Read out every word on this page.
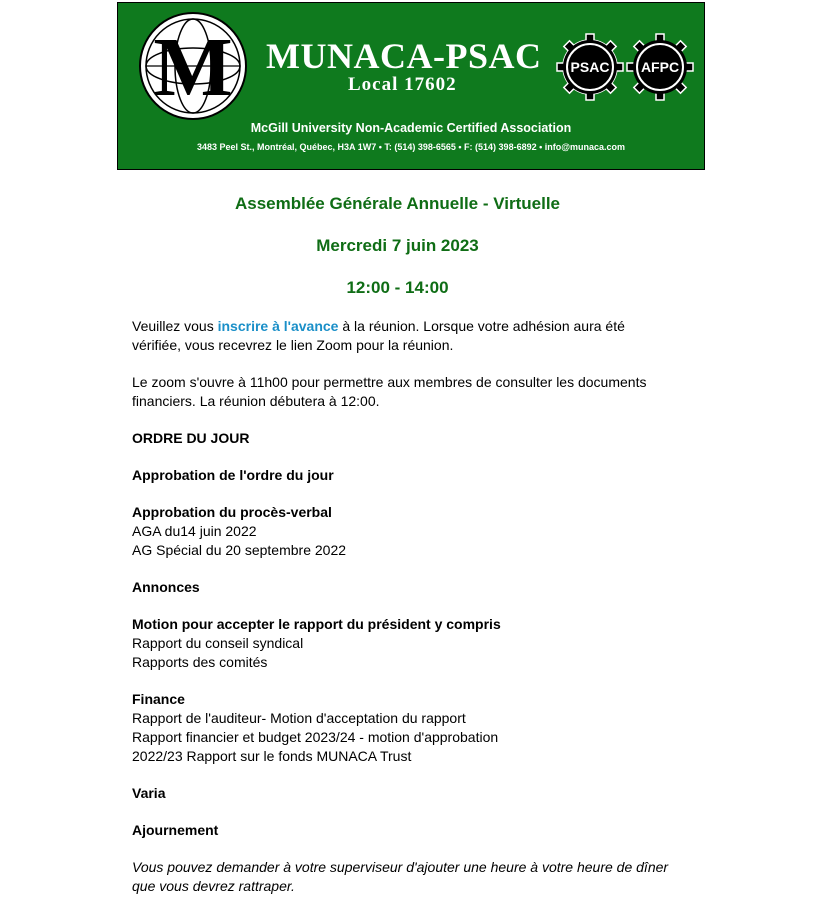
M MUNACA-PSAC
Local 17602
PSAC AFPC
McGill University Non-Academic Certified Association
3483 Peel St., Montréal, Québec, H3A 1W7 • T: (514) 398-6565 • F: (514) 398-6892 • info@munaca.com
Assemblée Générale Annuelle - Virtuelle
Mercredi 7 juin 2023
12:00 - 14:00

Veuillez vous inscrire à l'avance à la réunion. Lorsque votre adhésion aura été vérifiée, vous recevrez le lien Zoom pour la réunion.

Le zoom s'ouvre à 11h00 pour permettre aux membres de consulter les documents financiers. La réunion débutera à 12:00.

ORDRE DU JOUR

Approbation de l'ordre du jour

Approbation du procès-verbal
AGA du14 juin 2022
AG Spécial du 20 septembre 2022

Annonces

Motion pour accepter le rapport du président y compris
Rapport du conseil syndical
Rapports des comités

Finance
Rapport de l'auditeur- Motion d'acceptation du rapport
Rapport financier et budget 2023/24 - motion d'approbation
2022/23 Rapport sur le fonds MUNACA Trust

Varia

Ajournement

Vous pouvez demander à votre superviseur d'ajouter une heure à votre heure de dîner que vous devrez rattraper.
